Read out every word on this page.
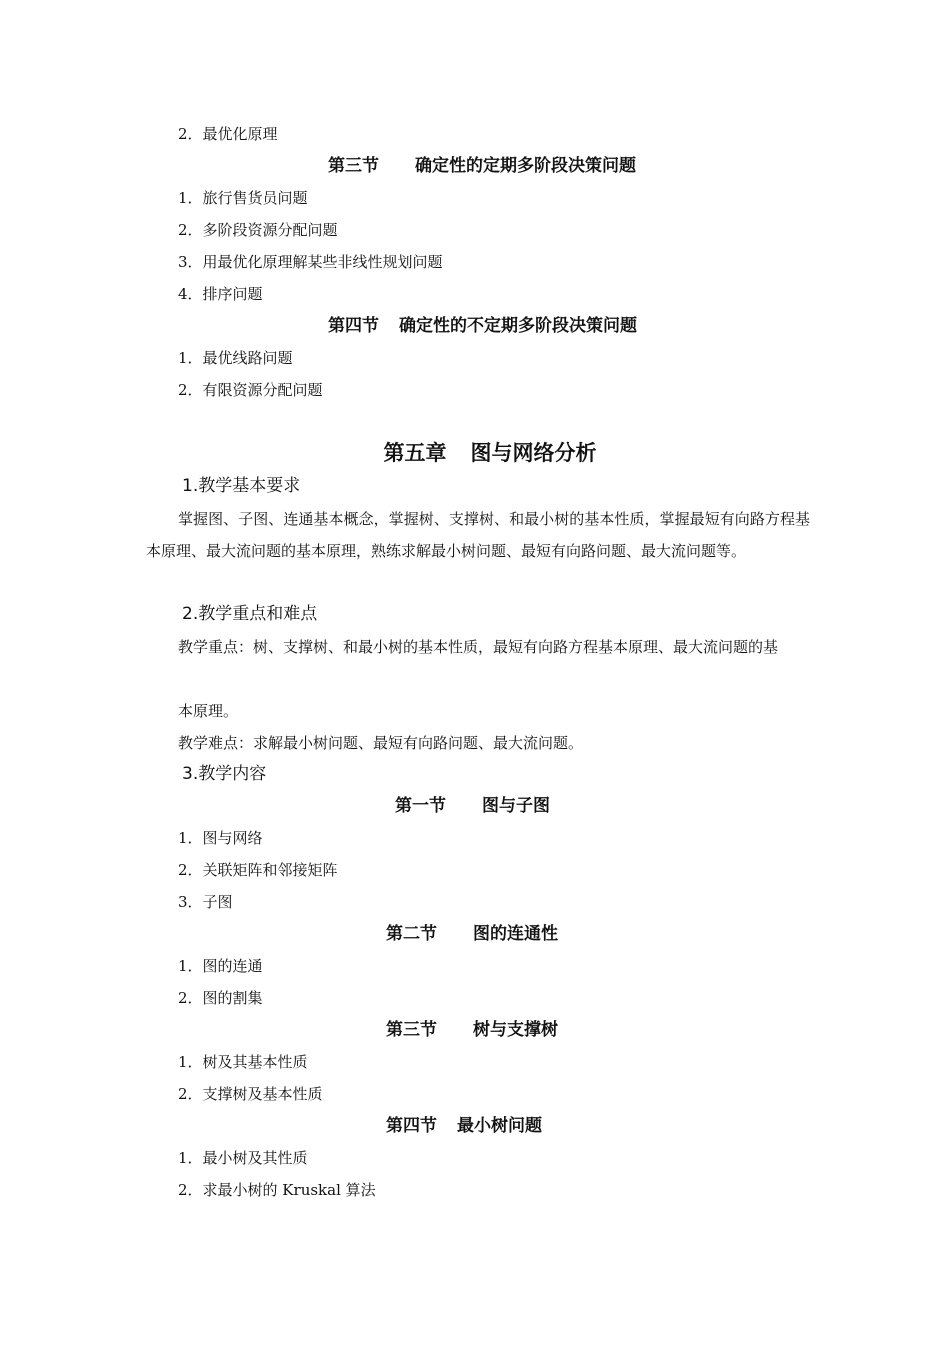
2．最优化原理
第三节 确定性的定期多阶段决策问题
1．旅行售货员问题
2．多阶段资源分配问题
3．用最优化原理解某些非线性规划问题
4．排序问题
第四节 确定性的不定期多阶段决策问题
1．最优线路问题
2．有限资源分配问题
第五章 图与网络分析
1.教学基本要求
掌握图、子图、连通基本概念，掌握树、支撑树、和最小树的基本性质，掌握最短有向路方程基本原理、最大流问题的基本原理，熟练求解最小树问题、最短有向路问题、最大流问题等。
2.教学重点和难点
教学重点：树、支撑树、和最小树的基本性质，最短有向路方程基本原理、最大流问题的基
本原理。
教学难点：求解最小树问题、最短有向路问题、最大流问题。
3.教学内容
第一节 图与子图
1．图与网络
2．关联矩阵和邻接矩阵
3．子图
第二节 图的连通性
1．图的连通
2．图的割集
第三节 树与支撑树
1．树及其基本性质
2．支撑树及基本性质
第四节 最小树问题
1．最小树及其性质
2．求最小树的 Kruskal 算法
